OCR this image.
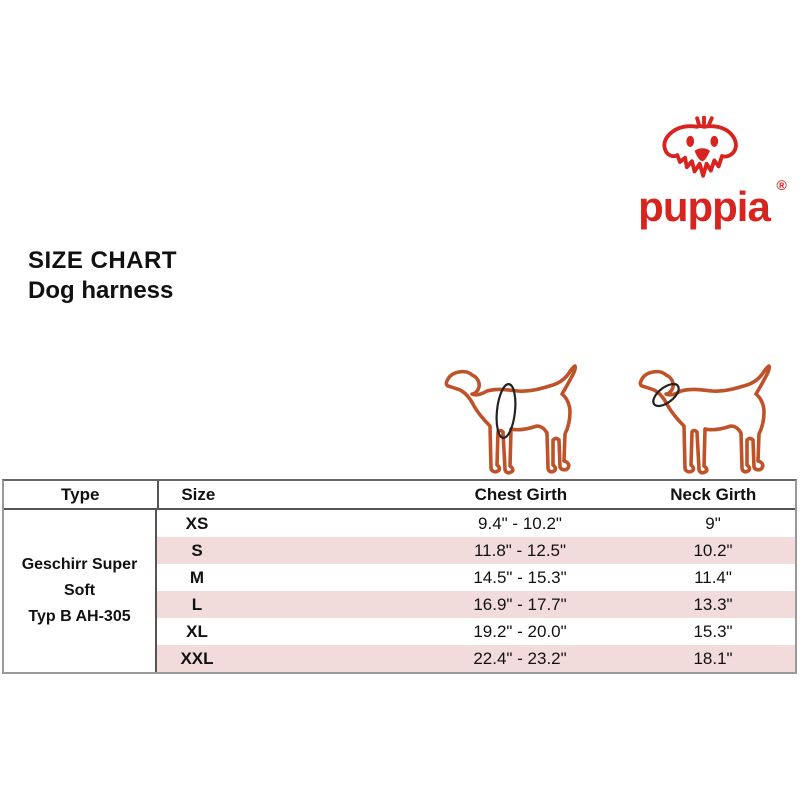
puppia ®
SIZE CHART
Dog harness
Type	Size	Chest Girth	Neck Girth
Geschirr Super
Soft
Typ B AH-305
XS	9.4" - 10.2"	9"
S	11.8" - 12.5"	10.2"
M	14.5" - 15.3"	11.4"
L	16.9" - 17.7"	13.3"
XL	19.2" - 20.0"	15.3"
XXL	22.4" - 23.2"	18.1"
